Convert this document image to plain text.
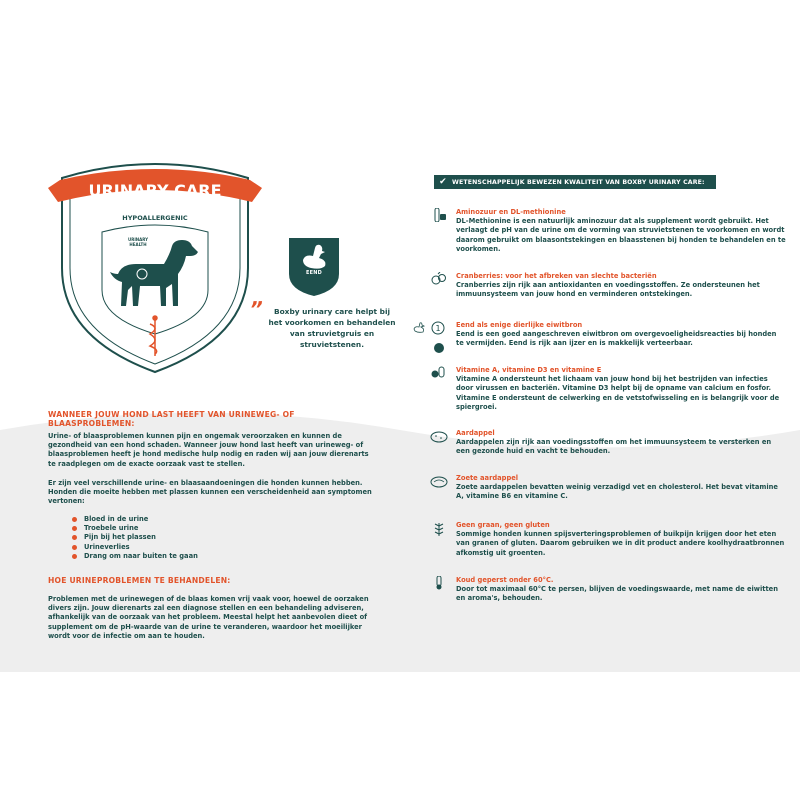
URINARY CARE
HYPOALLERGENIC
URINARY
HEALTH
EEND
„
Boxby urinary care helpt bij
het voorkomen en behandelen
van struvietgruis en
struvietstenen.
WANNEER JOUW HOND LAST HEEFT VAN URINEWEG- OF BLAASPROBLEMEN:

Urine- of blaasproblemen kunnen pijn en ongemak veroorzaken en kunnen de gezondheid van een hond schaden. Wanneer jouw hond last heeft van urineweg- of blaasproblemen heeft je hond medische hulp nodig en raden wij aan jouw dierenarts te raadplegen om de exacte oorzaak vast te stellen.

Er zijn veel verschillende urine- en blaasaandoeningen die honden kunnen hebben. Honden die moeite hebben met plassen kunnen een verscheidenheid aan symptomen vertonen:

Bloed in de urine
Troebele urine
Pijn bij het plassen
Urineverlies
Drang om naar buiten te gaan
HOE URINEPROBLEMEN TE BEHANDELEN:

Problemen met de urinewegen of de blaas komen vrij vaak voor, hoewel de oorzaken divers zijn. Jouw dierenarts zal een diagnose stellen en een behandeling adviseren, afhankelijk van de oorzaak van het probleem. Meestal helpt het aanbevolen dieet of supplement om de pH-waarde van de urine te veranderen, waardoor het moeilijker wordt voor de infectie om aan te houden.

✔ WETENSCHAPPELIJK BEWEZEN KWALITEIT VAN BOXBY URINARY CARE:
1
Aminozuur en DL-methionine
DL-Methionine is een natuurlijk aminozuur dat als supplement wordt gebruikt. Het verlaagt de pH van de urine om de vorming van struvietstenen te voorkomen en wordt daarom gebruikt om blaasontstekingen en blaasstenen bij honden te behandelen en te voorkomen.
Cranberries: voor het afbreken van slechte bacteriën
Cranberries zijn rijk aan antioxidanten en voedingsstoffen. Ze ondersteunen het immuunsysteem van jouw hond en verminderen ontstekingen.
Eend als enige dierlijke eiwitbron
Eend is een goed aangeschreven eiwitbron om overgevoeligheidsreacties bij honden te vermijden. Eend is rijk aan ijzer en is makkelijk verteerbaar.
Vitamine A, vitamine D3 en vitamine E
Vitamine A ondersteunt het lichaam van jouw hond bij het bestrijden van infecties door virussen en bacteriën. Vitamine D3 helpt bij de opname van calcium en fosfor. Vitamine E ondersteunt de celwerking en de vetstofwisseling en is belangrijk voor de spiergroei.
Aardappel
Aardappelen zijn rijk aan voedingsstoffen om het immuunsysteem te versterken en een gezonde huid en vacht te behouden.
Zoete aardappel
Zoete aardappelen bevatten weinig verzadigd vet en cholesterol. Het bevat vitamine A, vitamine B6 en vitamine C.
Geen graan, geen gluten
Sommige honden kunnen spijsverteringsproblemen of buikpijn krijgen door het eten van granen of gluten. Daarom gebruiken we in dit product andere koolhydraatbronnen afkomstig uit groenten.
Koud geperst onder 60°C.
Door tot maximaal 60°C te persen, blijven de voedingswaarde, met name de eiwitten en aroma's, behouden.
